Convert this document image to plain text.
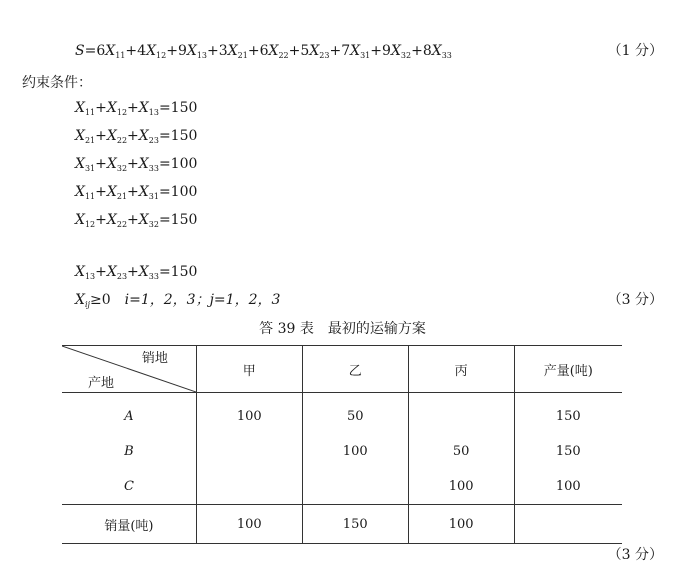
$S=6X_{11}+4X_{12}+9X_{13}+3X_{21}+6X_{22}+5X_{23}+7X_{31}+9X_{32}+8X_{33}$	（1 分）
约束条件：
$X_{11}+X_{12}+X_{13}=150$
$X_{21}+X_{22}+X_{23}=150$
$X_{31}+X_{32}+X_{33}=100$
$X_{11}+X_{21}+X_{31}=100$
$X_{12}+X_{22}+X_{32}=150$
$X_{13}+X_{23}+X_{33}=150$
$X_{ij}\ge 0$　 i=1，2，3；j=1，2，3	（3 分）
答 39 表　最初的运输方案
销地
产地	甲	乙	丙	产量(吨)
A	100	50		150
B		100	50	150
C			100	100
销量(吨)	100	150	100	
（3 分）
